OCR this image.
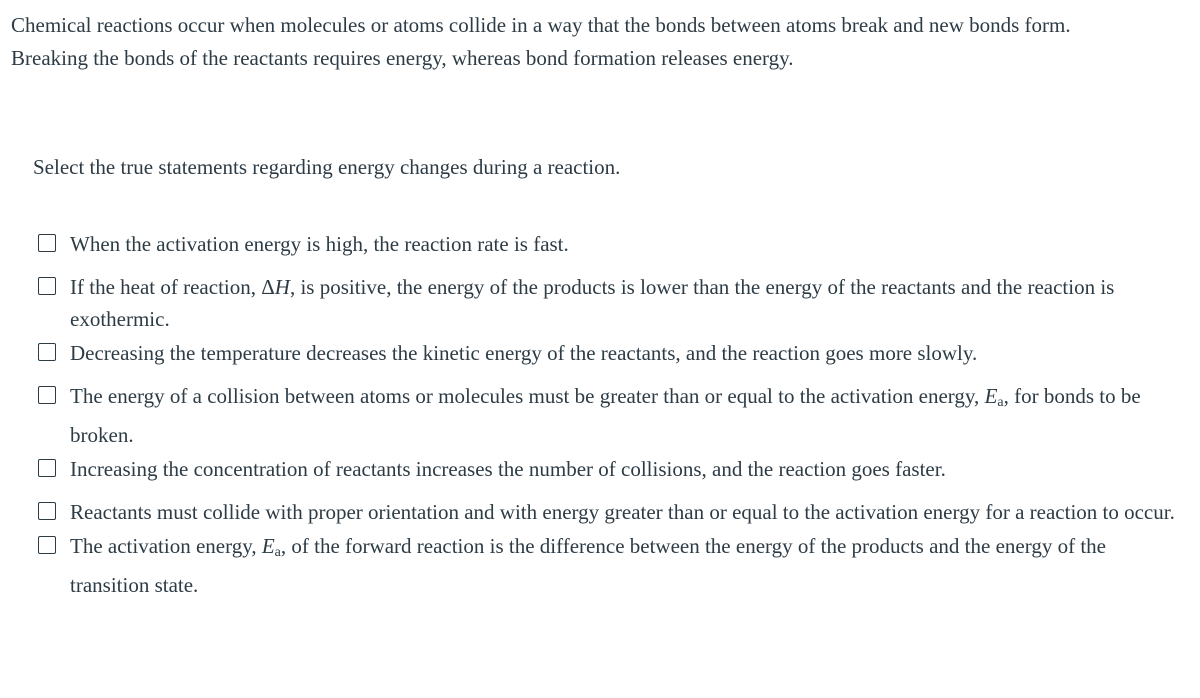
Chemical reactions occur when molecules or atoms collide in a way that the bonds between atoms break and new bonds form.

Breaking the bonds of the reactants requires energy, whereas bond formation releases energy.

Select the true statements regarding energy changes during a reaction.
When the activation energy is high, the reaction rate is fast.
If the heat of reaction, ΔH, is positive, the energy of the products is lower than the energy of the reactants and the reaction is exothermic.
Decreasing the temperature decreases the kinetic energy of the reactants, and the reaction goes more slowly.
The energy of a collision between atoms or molecules must be greater than or equal to the activation energy, $E_a$, for bonds to be broken.
Increasing the concentration of reactants increases the number of collisions, and the reaction goes faster.
Reactants must collide with proper orientation and with energy greater than or equal to the activation energy for a reaction to occur.
The activation energy, $E_a$, of the forward reaction is the difference between the energy of the products and the energy of the transition state.
